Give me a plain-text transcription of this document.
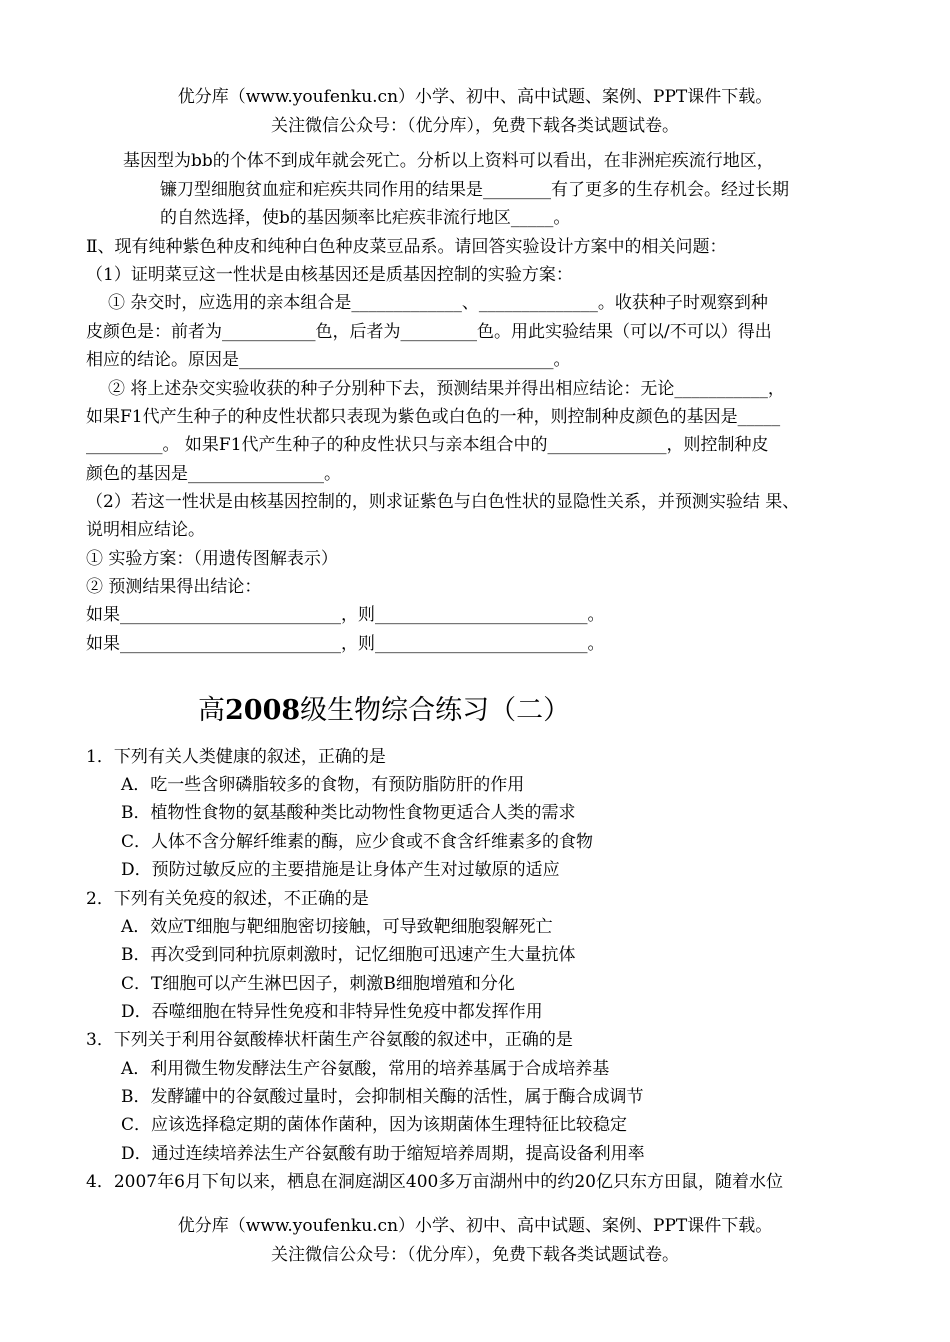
优分库（www.youfenku.cn）小学、初中、高中试题、案例、PPT课件下载。
关注微信公众号：（优分库），免费下载各类试题试卷。
基因型为bb的个体不到成年就会死亡。分析以上资料可以看出，在非洲疟疾流行地区，
镰刀型细胞贫血症和疟疾共同作用的结果是________有了更多的生存机会。经过长期
的自然选择，使b的基因频率比疟疾非流行地区_____。
Ⅱ、现有纯种紫色种皮和纯种白色种皮菜豆品系。请回答实验设计方案中的相关问题：
（1）证明菜豆这一性状是由核基因还是质基因控制的实验方案：
① 杂交时，应选用的亲本组合是_____________、______________。收获种子时观察到种
皮颜色是：前者为___________色，后者为_________色。用此实验结果（可以/不可以）得出
相应的结论。原因是_____________________________________。
② 将上述杂交实验收获的种子分别种下去，预测结果并得出相应结论：无论___________，
如果F1代产生种子的种皮性状都只表现为紫色或白色的一种，则控制种皮颜色的基因是_____
_________。 如果F1代产生种子的种皮性状只与亲本组合中的______________，则控制种皮
颜色的基因是________________。
（2）若这一性状是由核基因控制的，则求证紫色与白色性状的显隐性关系，并预测实验结 果、
说明相应结论。
① 实验方案：（用遗传图解表示）
② 预测结果得出结论：
如果__________________________，则_________________________。
如果__________________________，则_________________________。
高2008级生物综合练习（二）
1．下列有关人类健康的叙述，正确的是
A．吃一些含卵磷脂较多的食物，有预防脂防肝的作用
B．植物性食物的氨基酸种类比动物性食物更适合人类的需求
C．人体不含分解纤维素的酶，应少食或不食含纤维素多的食物
D．预防过敏反应的主要措施是让身体产生对过敏原的适应
2．下列有关免疫的叙述，不正确的是
A．效应T细胞与靶细胞密切接触，可导致靶细胞裂解死亡
B．再次受到同种抗原刺激时，记忆细胞可迅速产生大量抗体
C．T细胞可以产生淋巴因子，刺激B细胞增殖和分化
D．吞噬细胞在特异性免疫和非特异性免疫中都发挥作用
3．下列关于利用谷氨酸棒状杆菌生产谷氨酸的叙述中，正确的是
A．利用微生物发酵法生产谷氨酸，常用的培养基属于合成培养基
B．发酵罐中的谷氨酸过量时，会抑制相关酶的活性，属于酶合成调节
C．应该选择稳定期的菌体作菌种，因为该期菌体生理特征比较稳定
D．通过连续培养法生产谷氨酸有助于缩短培养周期，提高设备利用率
4．2007年6月下旬以来，栖息在洞庭湖区400多万亩湖州中的约20亿只东方田鼠，随着水位
优分库（www.youfenku.cn）小学、初中、高中试题、案例、PPT课件下载。
关注微信公众号：（优分库），免费下载各类试题试卷。
